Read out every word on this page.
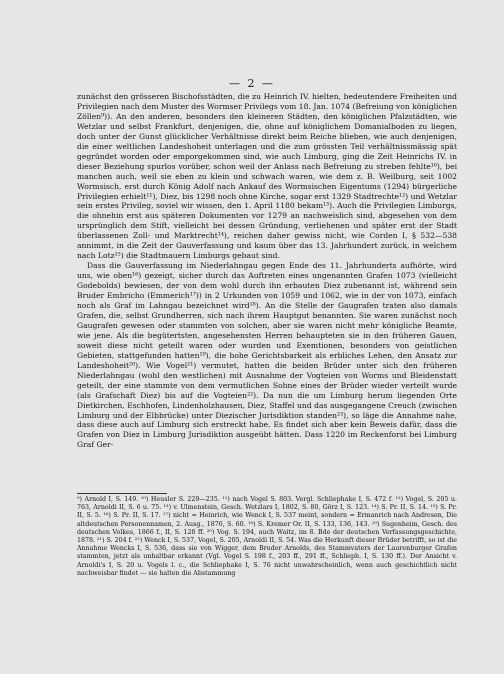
— 2 —

zunächst den grösseren Bischofsstädten, die zu Heinrich IV. hielten, bedeutendere Freiheiten und Privilegien nach dem Muster des Wormser Privilegs vom 18. Jan. 1074 (Befreiung von königlichen Zöllen⁹)). An den anderen, besonders den kleineren Städten, den königlichen Pfalzstädten, wie Wetzlar und selbst Frankfurt, denjenigen, die, ohne auf königlichem Domanialboden zu liegen, doch unter der Gunst glücklicher Verhältnisse direkt beim Reiche blieben, wie auch denjenigen, die einer weltlichen Landeshoheit unterlagen und die zum grössten Teil verhältnissmässig spät gegründet worden oder emporgekommen sind, wie auch Limburg, ging die Zeit Heinrichs IV. in dieser Beziehung spurlos vorüber, schon weil der Anlass nach Befreiung zu streben fehlte¹⁰), bei manchen auch, weil sie eben zu klein und schwach waren, wie dem z. B. Weilburg, seit 1002 Wormsisch, erst durch König Adolf nach Ankauf des Wormsischen Eigentums (1294) bürgerliche Privilegien erhielt¹¹), Diez, bis 1298 noch ohne Kirche, sogar erst 1329 Stadtrechte¹²) und Wetzlar sein erstes Privileg, soviel wir wissen, den 1. April 1180 bekam¹³). Auch die Privilegien Limburgs, die ohnehin erst aus späteren Dokumenten vor 1279 an nachweislich sind, abgesehen von dem ursprünglich dem Stift, vielleicht bei dessen Gründung, verliehenen und später erst der Stadt überlassenen Zoll- und Marktrecht¹⁴), reichen daher gewiss nicht, wie Corden I, § 532—538 annimmt, in die Zeit der Gauverfassung und kaum über das 13. Jahrhundert zurück, in welchem nach Lotz¹⁵) die Stadtmauern Limburgs gebaut sind.

Dass die Gauverfassung im Niederlahngau gegen Ende des 11. Jahrhunderts aufhörte, wird uns, wie oben¹⁶) gezeigt, sicher durch das Auftreten eines ungenannten Grafen 1073 (vielleicht Godebolds) bewiesen, der von dem wohl durch ihn erbauten Diez zubenannt ist, während sein Bruder Embricho (Emmerich¹⁷)) in 2 Urkunden von 1059 und 1062, wie in der von 1073, einfach noch als Graf im Lahngau bezeichnet wird¹⁸). An die Stelle der Gaugrafen traten also damals Grafen, die, selbst Grundherren, sich nach ihrem Hauptgut benannten. Sie waren zunächst noch Gaugrafen gewesen oder stammten von solchen, aber sie waren nicht mehr königliche Beamte, wie jene. Als die begütertsten, angesehensten Herren behaupteten sie in den früheren Gauen, soweit diese nicht geteilt waren oder wurden und Exemtionen, besonders von geistlichen Gebieten, stattgefunden hatten¹⁹), die hohe Gerichtsbarkeit als erbliches Lehen, den Ansatz zur Landeshoheit²⁰). Wie Vogel²¹) vermutet, hatten die beiden Brüder unter sich den früheren Niederlahngau (wohl den westlichen) mit Ausnahme der Vogteien von Worms und Bleidenstatt geteilt, der eine stammte von dem vermutlichen Sohne eines der Brüder wieder verteilt wurde (als Grafschaft Diez) bis auf die Vogteien²²). Da nun die um Limburg herum liegenden Orte Dietkirchen, Eschhofen, Lindenholzhausen, Diez, Staffel und das ausgegangene Creuch (zwischen Limburg und der Elbbrücke) unter Diezischer Jurisdiktion standen²³), so läge die Annahme nahe, dass diese auch auf Limburg sich erstreckt habe. Es findet sich aber kein Beweis dafür, dass die Grafen von Diez in Limburg Jurisdiktion ausgeübt hätten. Dass 1220 im Reckenforst bei Limburg Graf Ger-

⁹) Arnold I, S. 149. ¹⁰) Heusler S. 229—235. ¹¹) nach Vogel S. 803. Vergl. Schliephake I, S. 472 f. ¹²) Vogel, S. 205 u. 763, Arnoldi II, S. 6 u. 75. ¹³) v. Ulmenstein, Gesch. Wetzlars I, 1802, S. 80, Görz I, S. 123. ¹⁴) S. Pr. II, S. 14. ¹⁵) S. Pr. II, S. 5. ¹⁶) S. Pr. II, S. 17. ¹⁷) nicht = Heinrich, wie Wenck I, S. 537 meint, sondern = Ermanrich nach Andresen, Die altdeutschen Personennamen, 2. Ausg., 1876, S. 60. ¹⁸) S. Kremer Or. II, S. 133, 136, 143. ¹⁹) Sugenheim, Gesch. des deutschen Volkes, 1866 f., II, S. 128 ff. ²⁰) Vog. S. 194, auch Waitz, im 8. Bde der deutschen Verfassungsgeschichte, 1878. ²¹) S. 204 f. ²²) Wenck I, S. 537, Vogel, S. 205, Arnoldi II, S. 54. Was die Herkunft dieser Brüder betrifft, so ist die Annahme Wencks I, S. 536, dass sie von Wigger, dem Bruder Arnolds, des Stammvaters der Laurenburger Grafen stammten, jetzt als unhaltbar erkannt (Vgl. Vogel S. 198 f., 203 ff., 291 ff., Schlieph. I, S. 130 ff.). Der Ansicht v. Arnoldi's I, S. 20 u. Vogels l. c., die Schliephake I, S. 76 nicht unwahrscheinlich, wenn auch geschichtlich nicht nachweisbar findet — sie halten die Abstammung
